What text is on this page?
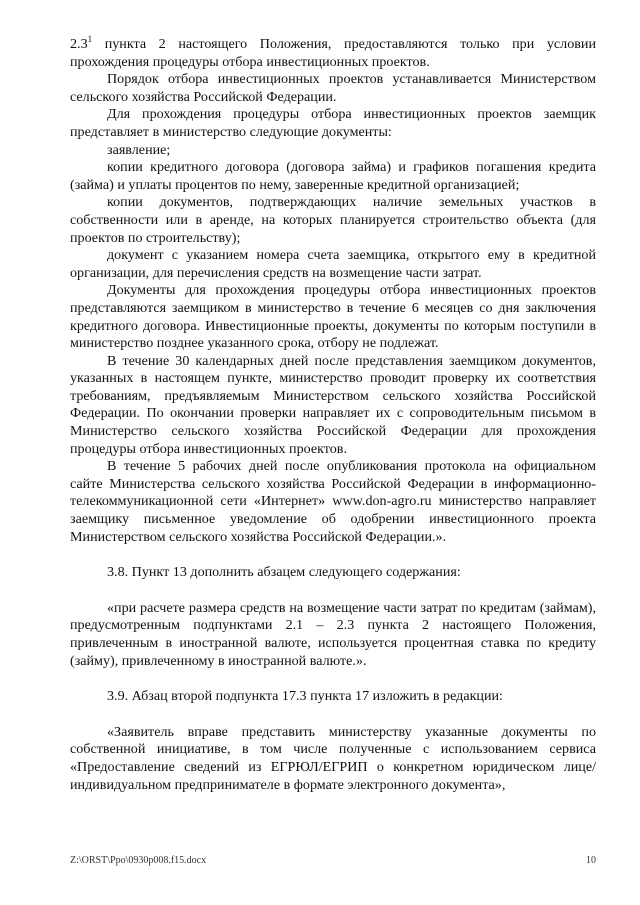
$2.3^1$ пункта 2 настоящего Положения, предоставляются только при условии прохождения процедуры отбора инвестиционных проектов.

Порядок отбора инвестиционных проектов устанавливается Министерством сельского хозяйства Российской Федерации.

Для прохождения процедуры отбора инвестиционных проектов заемщик представляет в министерство следующие документы:

заявление;

копии кредитного договора (договора займа) и графиков погашения кредита (займа) и уплаты процентов по нему, заверенные кредитной организацией;

копии документов, подтверждающих наличие земельных участков в собственности или в аренде, на которых планируется строительство объекта (для проектов по строительству);

документ с указанием номера счета заемщика, открытого ему в кредитной организации, для перечисления средств на возмещение части затрат.

Документы для прохождения процедуры отбора инвестиционных проектов представляются заемщиком в министерство в течение 6 месяцев со дня заключения кредитного договора. Инвестиционные проекты, документы по которым поступили в министерство позднее указанного срока, отбору не подлежат.

В течение 30 календарных дней после представления заемщиком документов, указанных в настоящем пункте, министерство проводит проверку их соответствия требованиям, предъявляемым Министерством сельского хозяйства Российской Федерации. По окончании проверки направляет их с сопроводительным письмом в Министерство сельского хозяйства Российской Федерации для прохождения процедуры отбора инвестиционных проектов.

В течение 5 рабочих дней после опубликования протокола на официальном сайте Министерства сельского хозяйства Российской Федерации в информационно-телекоммуникационной сети «Интернет» www.don-agro.ru министерство направляет заемщику письменное уведомление об одобрении инвестиционного проекта Министерством сельского хозяйства Российской Федерации.».

3.8. Пункт 13 дополнить абзацем следующего содержания:

«при расчете размера средств на возмещение части затрат по кредитам (займам), предусмотренным подпунктами 2.1 – 2.3 пункта 2 настоящего Положения, привлеченным в иностранной валюте, используется процентная ставка по кредиту (займу), привлеченному в иностранной валюте.».

3.9. Абзац второй подпункта 17.3 пункта 17 изложить в редакции:

«Заявитель вправе представить министерству указанные документы по собственной инициативе, в том числе полученные с использованием сервиса «Предоставление сведений из ЕГРЮЛ/ЕГРИП о конкретном юридическом лице/индивидуальном предпринимателе в формате электронного документа»,

Z:\ORST\Ppo\0930p008.f15.docx	10
